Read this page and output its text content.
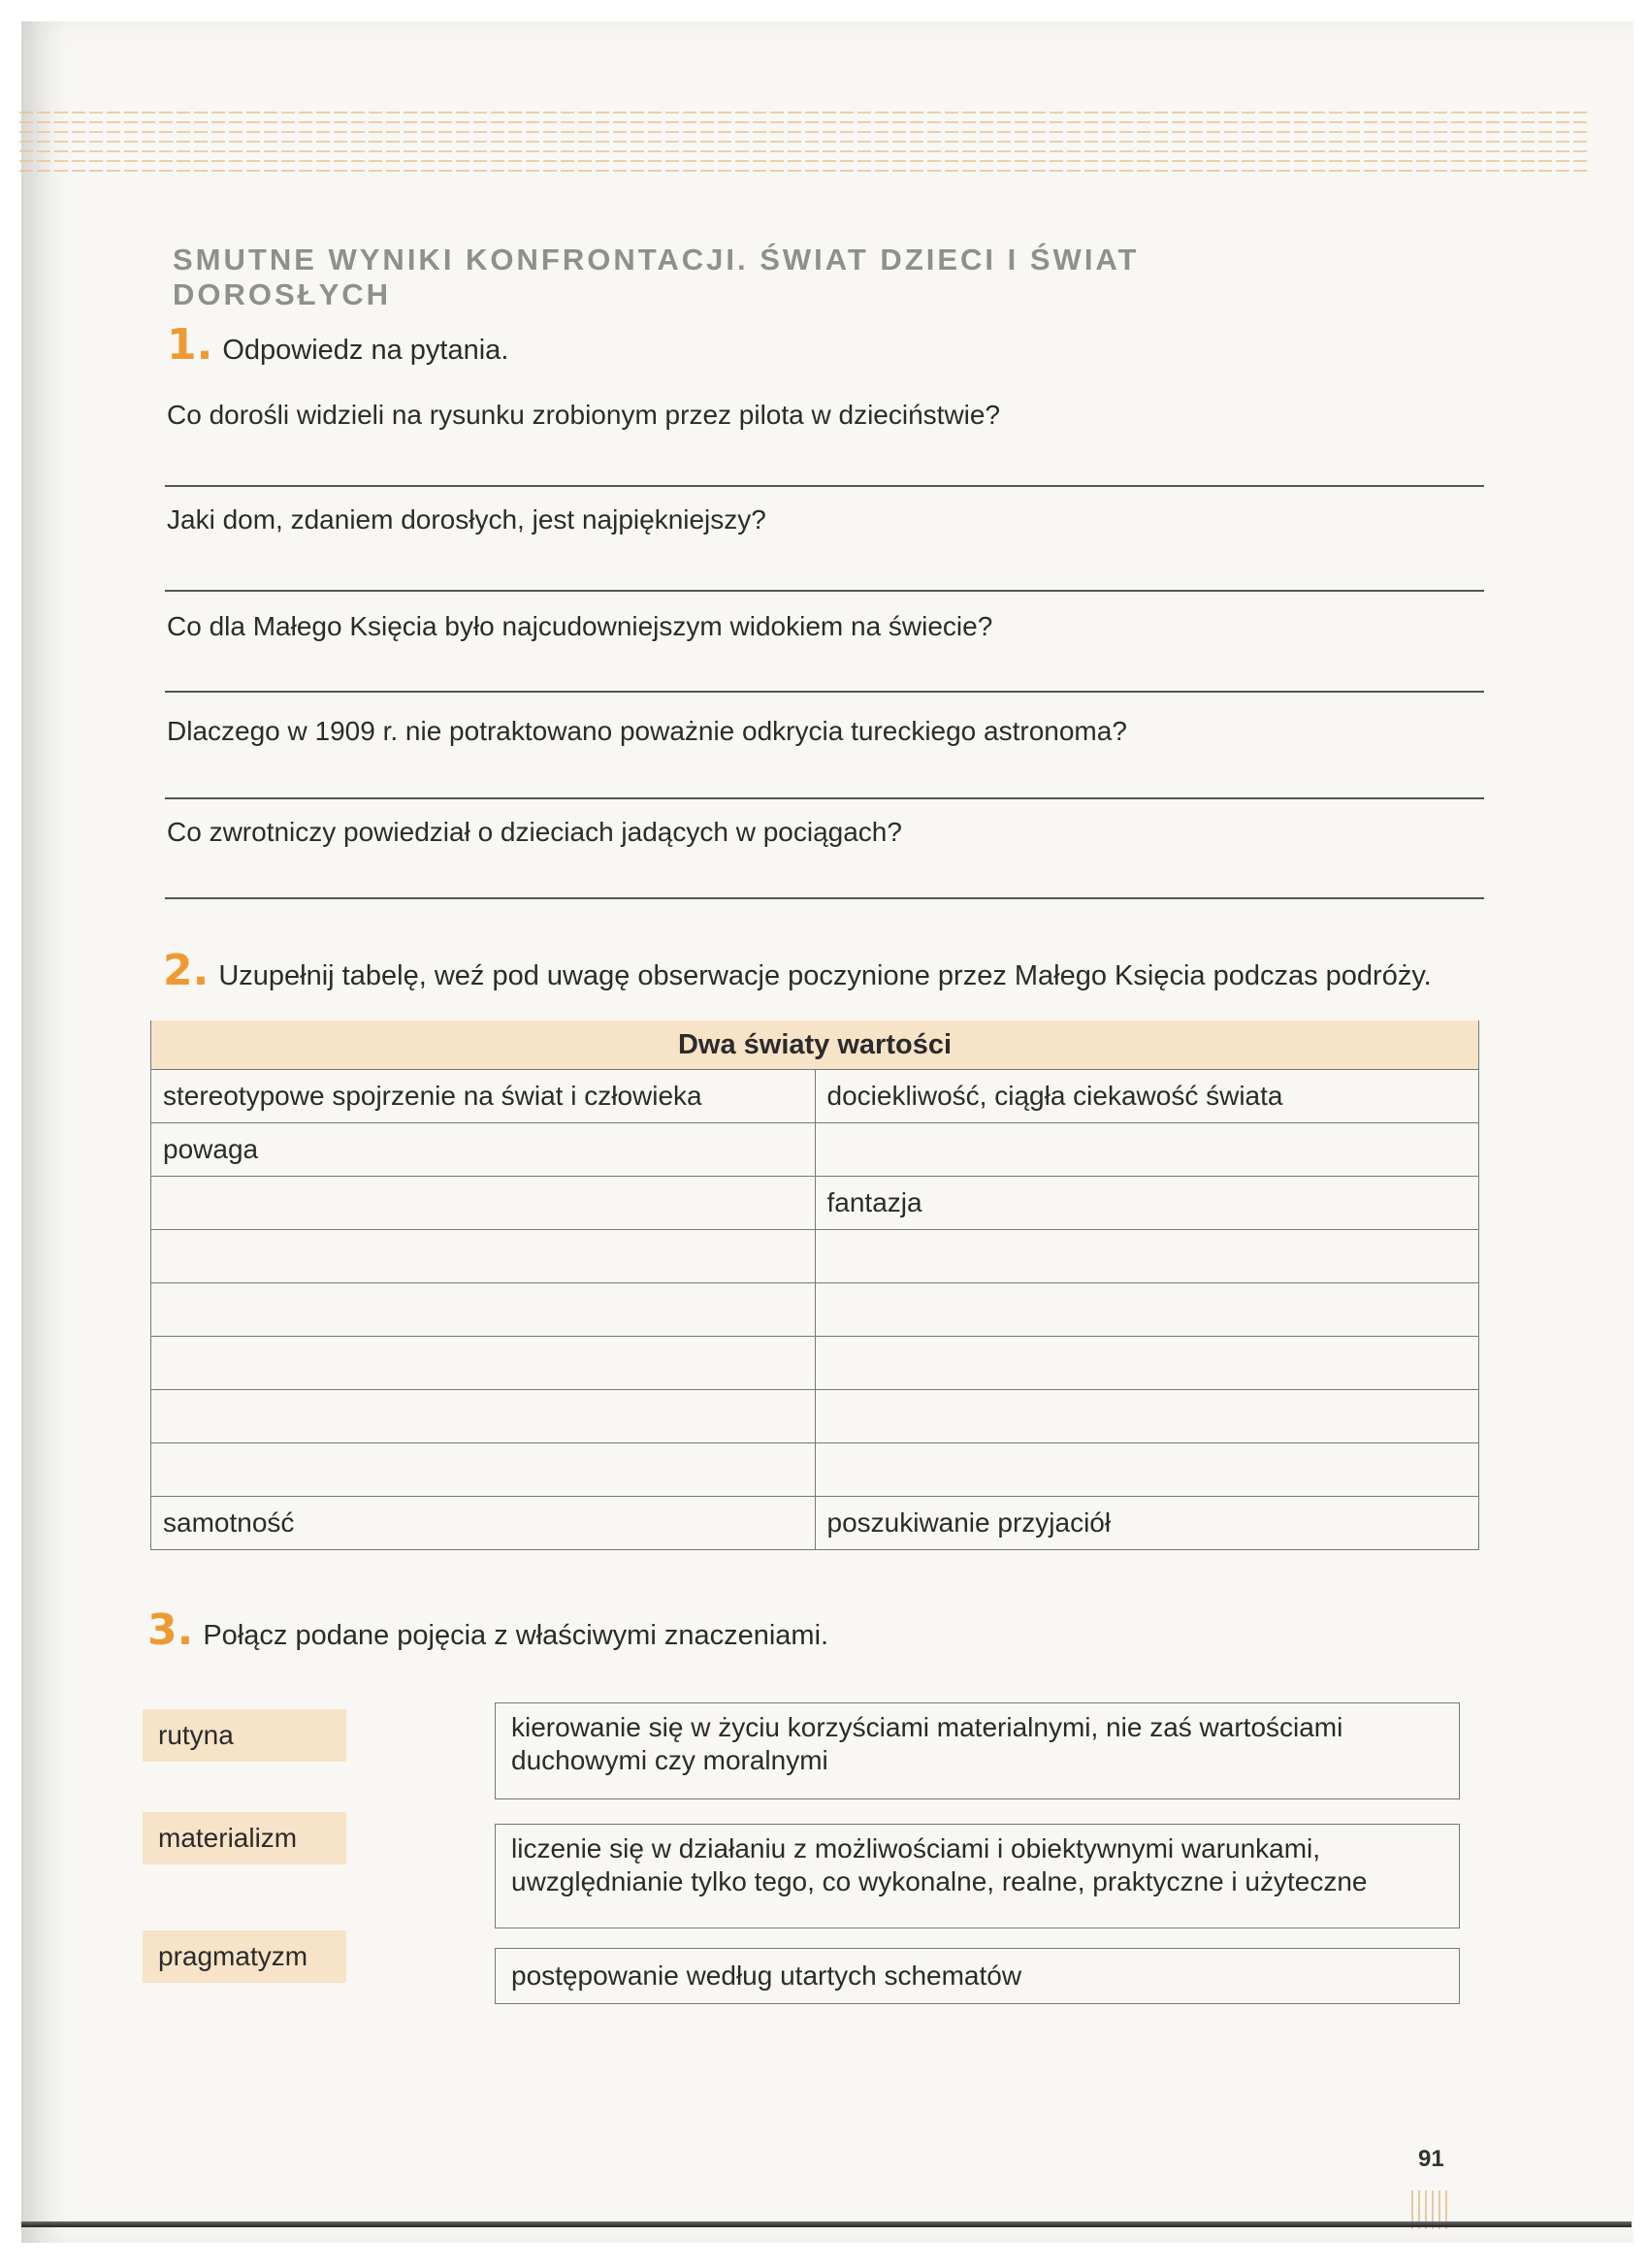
SMUTNE WYNIKI KONFRONTACJI. ŚWIAT DZIECI I ŚWIAT DOROSŁYCH
1. Odpowiedz na pytania.
Co dorośli widzieli na rysunku zrobionym przez pilota w dzieciństwie?
Jaki dom, zdaniem dorosłych, jest najpiękniejszy?
Co dla Małego Księcia było najcudowniejszym widokiem na świecie?
Dlaczego w 1909 r. nie potraktowano poważnie odkrycia tureckiego astronoma?
Co zwrotniczy powiedział o dzieciach jadących w pociągach?
2. Uzupełnij tabelę, weź pod uwagę obserwacje poczynione przez Małego Księcia podczas podróży.
Dwa światy wartości	
stereotypowe spojrzenie na świat i człowieka	dociekliwość, ciągła ciekawość świata
powaga	
	fantazja

samotność	poszukiwanie przyjaciół
3. Połącz podane pojęcia z właściwymi znaczeniami.
rutyna
materializm
pragmatyzm
kierowanie się w życiu korzyściami materialnymi, nie zaś wartościami duchowymi czy moralnymi
liczenie się w działaniu z możliwościami i obiektywnymi warunkami, uwzględnianie tylko tego, co wykonalne, realne, praktyczne i użyteczne
postępowanie według utartych schematów
91
